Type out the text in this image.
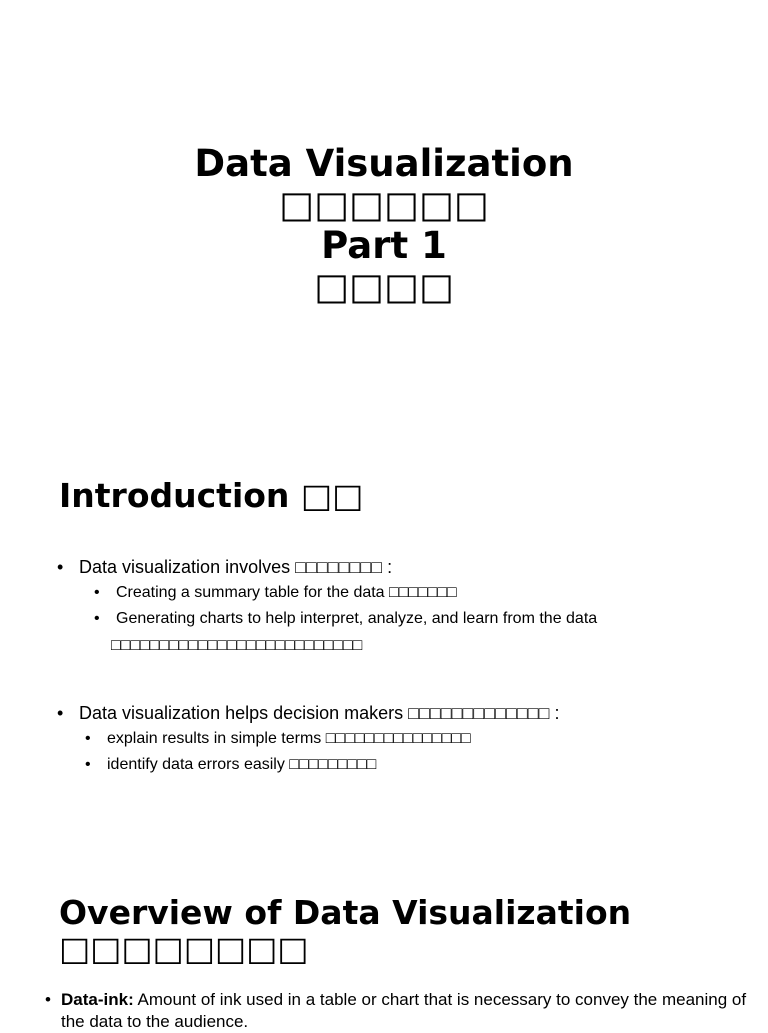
Data Visualization
□□□□□□
Part 1
□□□□
Introduction □□
• Data visualization involves □□□□□□□□ :
• Creating a summary table for the data □□□□□□□
• Generating charts to help interpret, analyze, and learn from the data
□□□□□□□□□□□□□□□□□□□□□□□□□□
• Data visualization helps decision makers □□□□□□□□□□□□□ :
• explain results in simple terms □□□□□□□□□□□□□□□
• identify data errors easily □□□□□□□□□
Overview of Data Visualization
□□□□□□□□
• Data-ink: Amount of ink used in a table or chart that is necessary to convey the meaning of the data to the audience.
